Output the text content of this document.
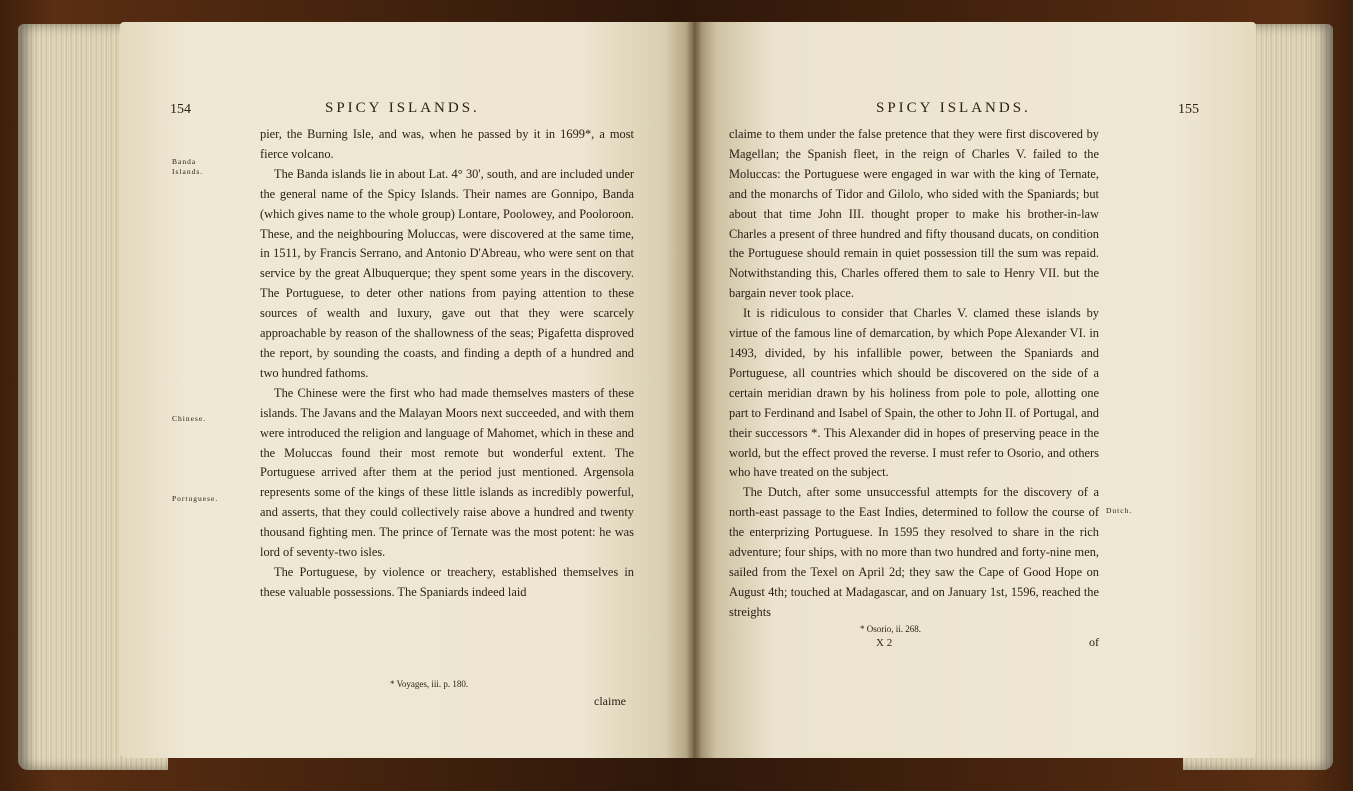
154	SPICY ISLANDS.
Banda Islands.
Chinese.
Portuguese.

pier, the Burning Isle, and was, when he passed by it in 1699*, a most fierce volcano.

The Banda islands lie in about Lat. 4° 30', south, and are included under the general name of the Spicy Islands. Their names are Gonnipo, Banda (which gives name to the whole group) Lontare, Poolowey, and Pooloroon. These, and the neighbouring Moluccas, were discovered at the same time, in 1511, by Francis Serrano, and Antonio D'Abreau, who were sent on that service by the great Albuquerque; they spent some years in the discovery. The Portuguese, to deter other nations from paying attention to these sources of wealth and luxury, gave out that they were scarcely approachable by reason of the shallowness of the seas; Pigafetta disproved the report, by sounding the coasts, and finding a depth of a hundred and two hundred fathoms.

The Chinese were the first who had made themselves masters of these islands. The Javans and the Malayan Moors next succeeded, and with them were introduced the religion and language of Mahomet, which in these and the Moluccas found their most remote but wonderful extent. The Portuguese arrived after them at the period just mentioned. Argensola represents some of the kings of these little islands as incredibly powerful, and asserts, that they could collectively raise above a hundred and twenty thousand fighting men. The prince of Ternate was the most potent: he was lord of seventy-two isles.

The Portuguese, by violence or treachery, established themselves in these valuable possessions. The Spaniards indeed laid

* Voyages, iii. p. 180.
claime
SPICY ISLANDS.	155
Dutch.

claime to them under the false pretence that they were first discovered by Magellan; the Spanish fleet, in the reign of Charles V. failed to the Moluccas: the Portuguese were engaged in war with the king of Ternate, and the monarchs of Tidor and Gilolo, who sided with the Spaniards; but about that time John III. thought proper to make his brother-in-law Charles a present of three hundred and fifty thousand ducats, on condition the Portuguese should remain in quiet possession till the sum was repaid. Notwithstanding this, Charles offered them to sale to Henry VII. but the bargain never took place.

It is ridiculous to consider that Charles V. clamed these islands by virtue of the famous line of demarcation, by which Pope Alexander VI. in 1493, divided, by his infallible power, between the Spaniards and Portuguese, all countries which should be discovered on the side of a certain meridian drawn by his holiness from pole to pole, allotting one part to Ferdinand and Isabel of Spain, the other to John II. of Portugal, and their successors *. This Alexander did in hopes of preserving peace in the world, but the effect proved the reverse. I must refer to Osorio, and others who have treated on the subject.

The Dutch, after some unsuccessful attempts for the discovery of a north-east passage to the East Indies, determined to follow the course of the enterprizing Portuguese. In 1595 they resolved to share in the rich adventure; four ships, with no more than two hundred and forty-nine men, sailed from the Texel on April 2d; they saw the Cape of Good Hope on August 4th; touched at Madagascar, and on January 1st, 1596, reached the streights

* Osorio, ii. 268.
X 2	of
